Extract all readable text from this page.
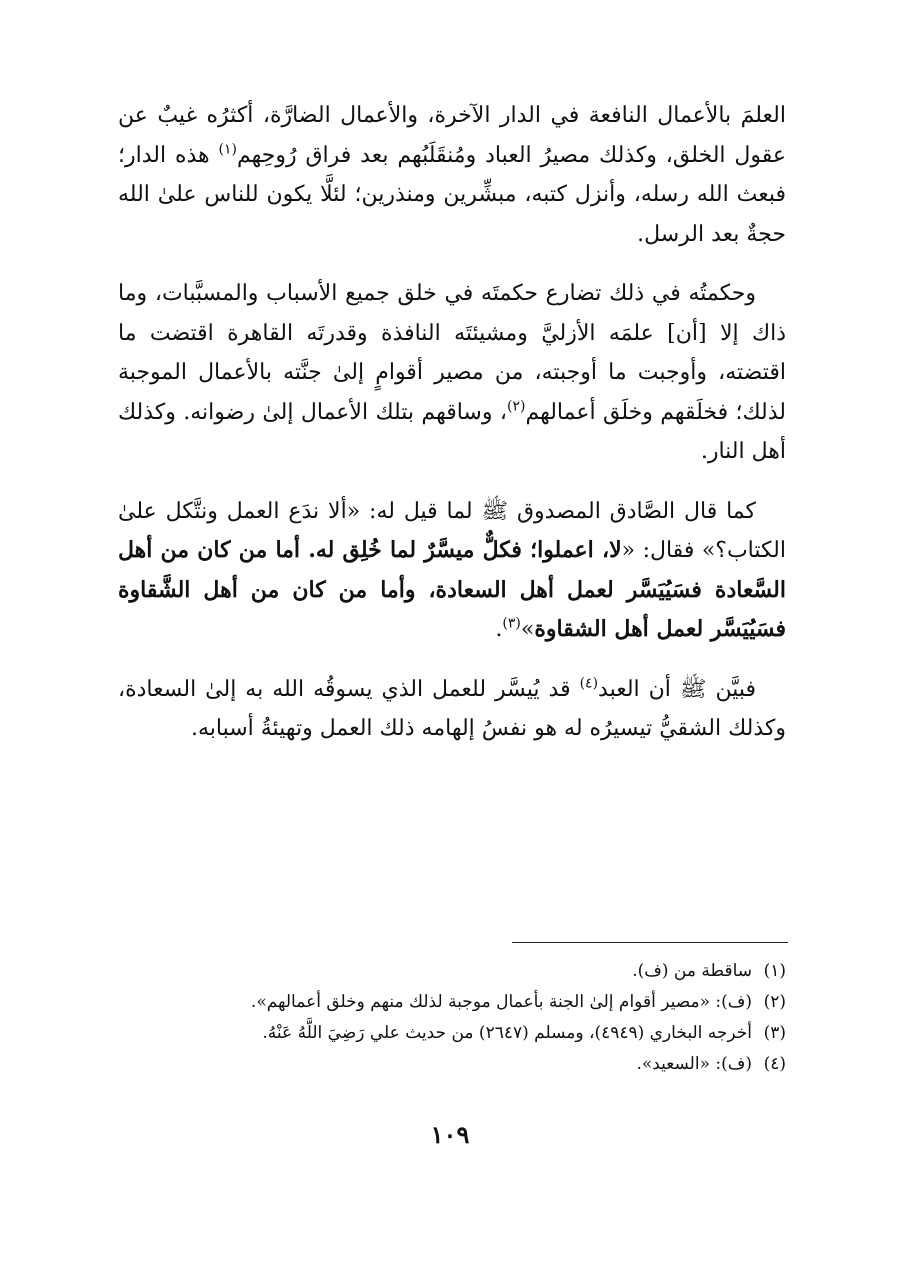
العلمَ بالأعمال النافعة في الدار الآخرة، والأعمال الضارَّة، أكثرُه غيبٌ عن عقول الخلق، وكذلك مصيرُ العباد ومُنقَلَبُهم بعد فراق رُوحِهم$^{(١)}$ هذه الدار؛ فبعث الله رسله، وأنزل كتبه، مبشِّرين ومنذرين؛ لئلَّا يكون للناس علىٰ الله حجةٌ بعد الرسل.

وحكمتُه في ذلك تضارع حكمتَه في خلق جميع الأسباب والمسبَّبات، وما ذاك إلا [أن] علمَه الأزليَّ ومشيئتَه النافذة وقدرتَه القاهرة اقتضت ما اقتضته، وأوجبت ما أوجبته، من مصير أقوامٍ إلىٰ جنَّته بالأعمال الموجبة لذلك؛ فخلَقهم وخلَق أعمالهم$^{(٢)}$، وساقهم بتلك الأعمال إلىٰ رضوانه. وكذلك أهل النار.

كما قال الصَّادق المصدوق ﷺ لما قيل له: «ألا ندَع العمل ونتَّكل علىٰ الكتاب؟» فقال: «لا، اعملوا؛ فكلٌّ ميسَّرٌ لما خُلِق له. أما من كان من أهل السَّعادة فسَيُيَسَّر لعمل أهل السعادة، وأما من كان من أهل الشَّقاوة فسَيُيَسَّر لعمل أهل الشقاوة»$^{(٣)}$.

فبيَّن ﷺ أن العبد$^{(٤)}$ قد يُيسَّر للعمل الذي يسوقُه الله به إلىٰ السعادة، وكذلك الشقيُّ تيسيرُه له هو نفسُ إلهامه ذلك العمل وتهيئةُ أسبابه.

(١)ساقطة من (ف).
(٢)(ف): «مصير أقوام إلىٰ الجنة بأعمال موجبة لذلك منهم وخلق أعمالهم».
(٣)أخرجه البخاري (٤٩٤٩)، ومسلم (٢٦٤٧) من حديث علي رَضِيَ اللَّهُ عَنْهُ.
(٤)(ف): «السعيد».
١٠٩
